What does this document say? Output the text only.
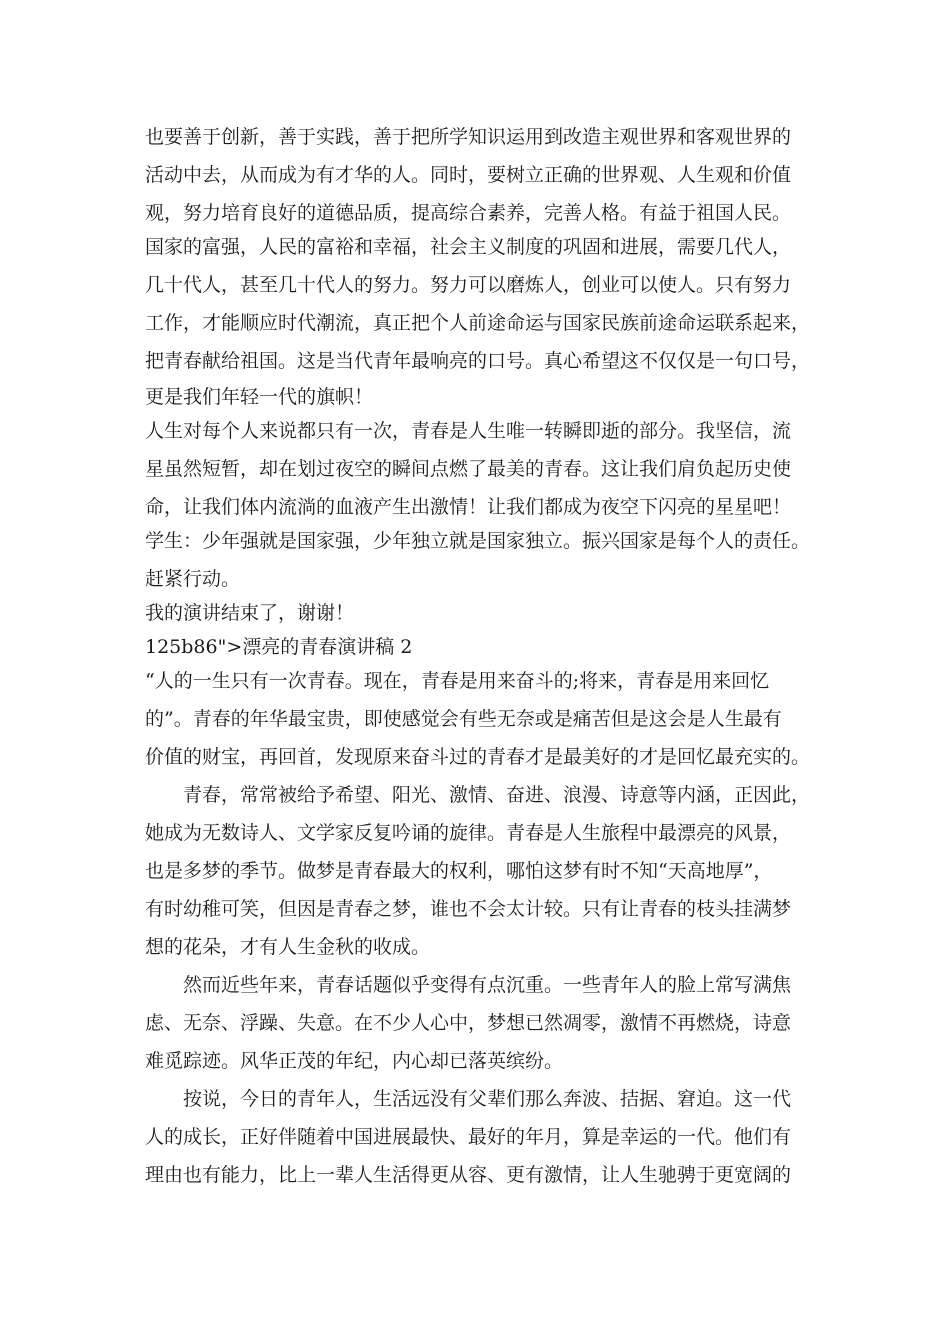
也要善于创新，善于实践，善于把所学知识运用到改造主观世界和客观世界的
活动中去，从而成为有才华的人。同时，要树立正确的世界观、人生观和价值
观，努力培育良好的道德品质，提高综合素养，完善人格。有益于祖国人民。
国家的富强，人民的富裕和幸福，社会主义制度的巩固和进展，需要几代人，
几十代人，甚至几十代人的努力。努力可以磨炼人，创业可以使人。只有努力
工作，才能顺应时代潮流，真正把个人前途命运与国家民族前途命运联系起来，
把青春献给祖国。这是当代青年最响亮的口号。真心希望这不仅仅是一句口号，
更是我们年轻一代的旗帜！
人生对每个人来说都只有一次，青春是人生唯一转瞬即逝的部分。我坚信，流
星虽然短暂，却在划过夜空的瞬间点燃了最美的青春。这让我们肩负起历史使
命，让我们体内流淌的血液产生出激情！让我们都成为夜空下闪亮的星星吧！
学生：少年强就是国家强，少年独立就是国家独立。振兴国家是每个人的责任。
赶紧行动。
我的演讲结束了，谢谢！
125b86">漂亮的青春演讲稿 2
“人的一生只有一次青春。现在，青春是用来奋斗的;将来，青春是用来回忆
的”。青春的年华最宝贵，即使感觉会有些无奈或是痛苦但是这会是人生最有
价值的财宝，再回首，发现原来奋斗过的青春才是最美好的才是回忆最充实的。
青春，常常被给予希望、阳光、激情、奋进、浪漫、诗意等内涵，正因此，
她成为无数诗人、文学家反复吟诵的旋律。青春是人生旅程中最漂亮的风景，
也是多梦的季节。做梦是青春最大的权利，哪怕这梦有时不知“天高地厚”，
有时幼稚可笑，但因是青春之梦，谁也不会太计较。只有让青春的枝头挂满梦
想的花朵，才有人生金秋的收成。
然而近些年来，青春话题似乎变得有点沉重。一些青年人的脸上常写满焦
虑、无奈、浮躁、失意。在不少人心中，梦想已然凋零，激情不再燃烧，诗意
难觅踪迹。风华正茂的年纪，内心却已落英缤纷。
按说，今日的青年人，生活远没有父辈们那么奔波、拮据、窘迫。这一代
人的成长，正好伴随着中国进展最快、最好的年月，算是幸运的一代。他们有
理由也有能力，比上一辈人生活得更从容、更有激情，让人生驰骋于更宽阔的
